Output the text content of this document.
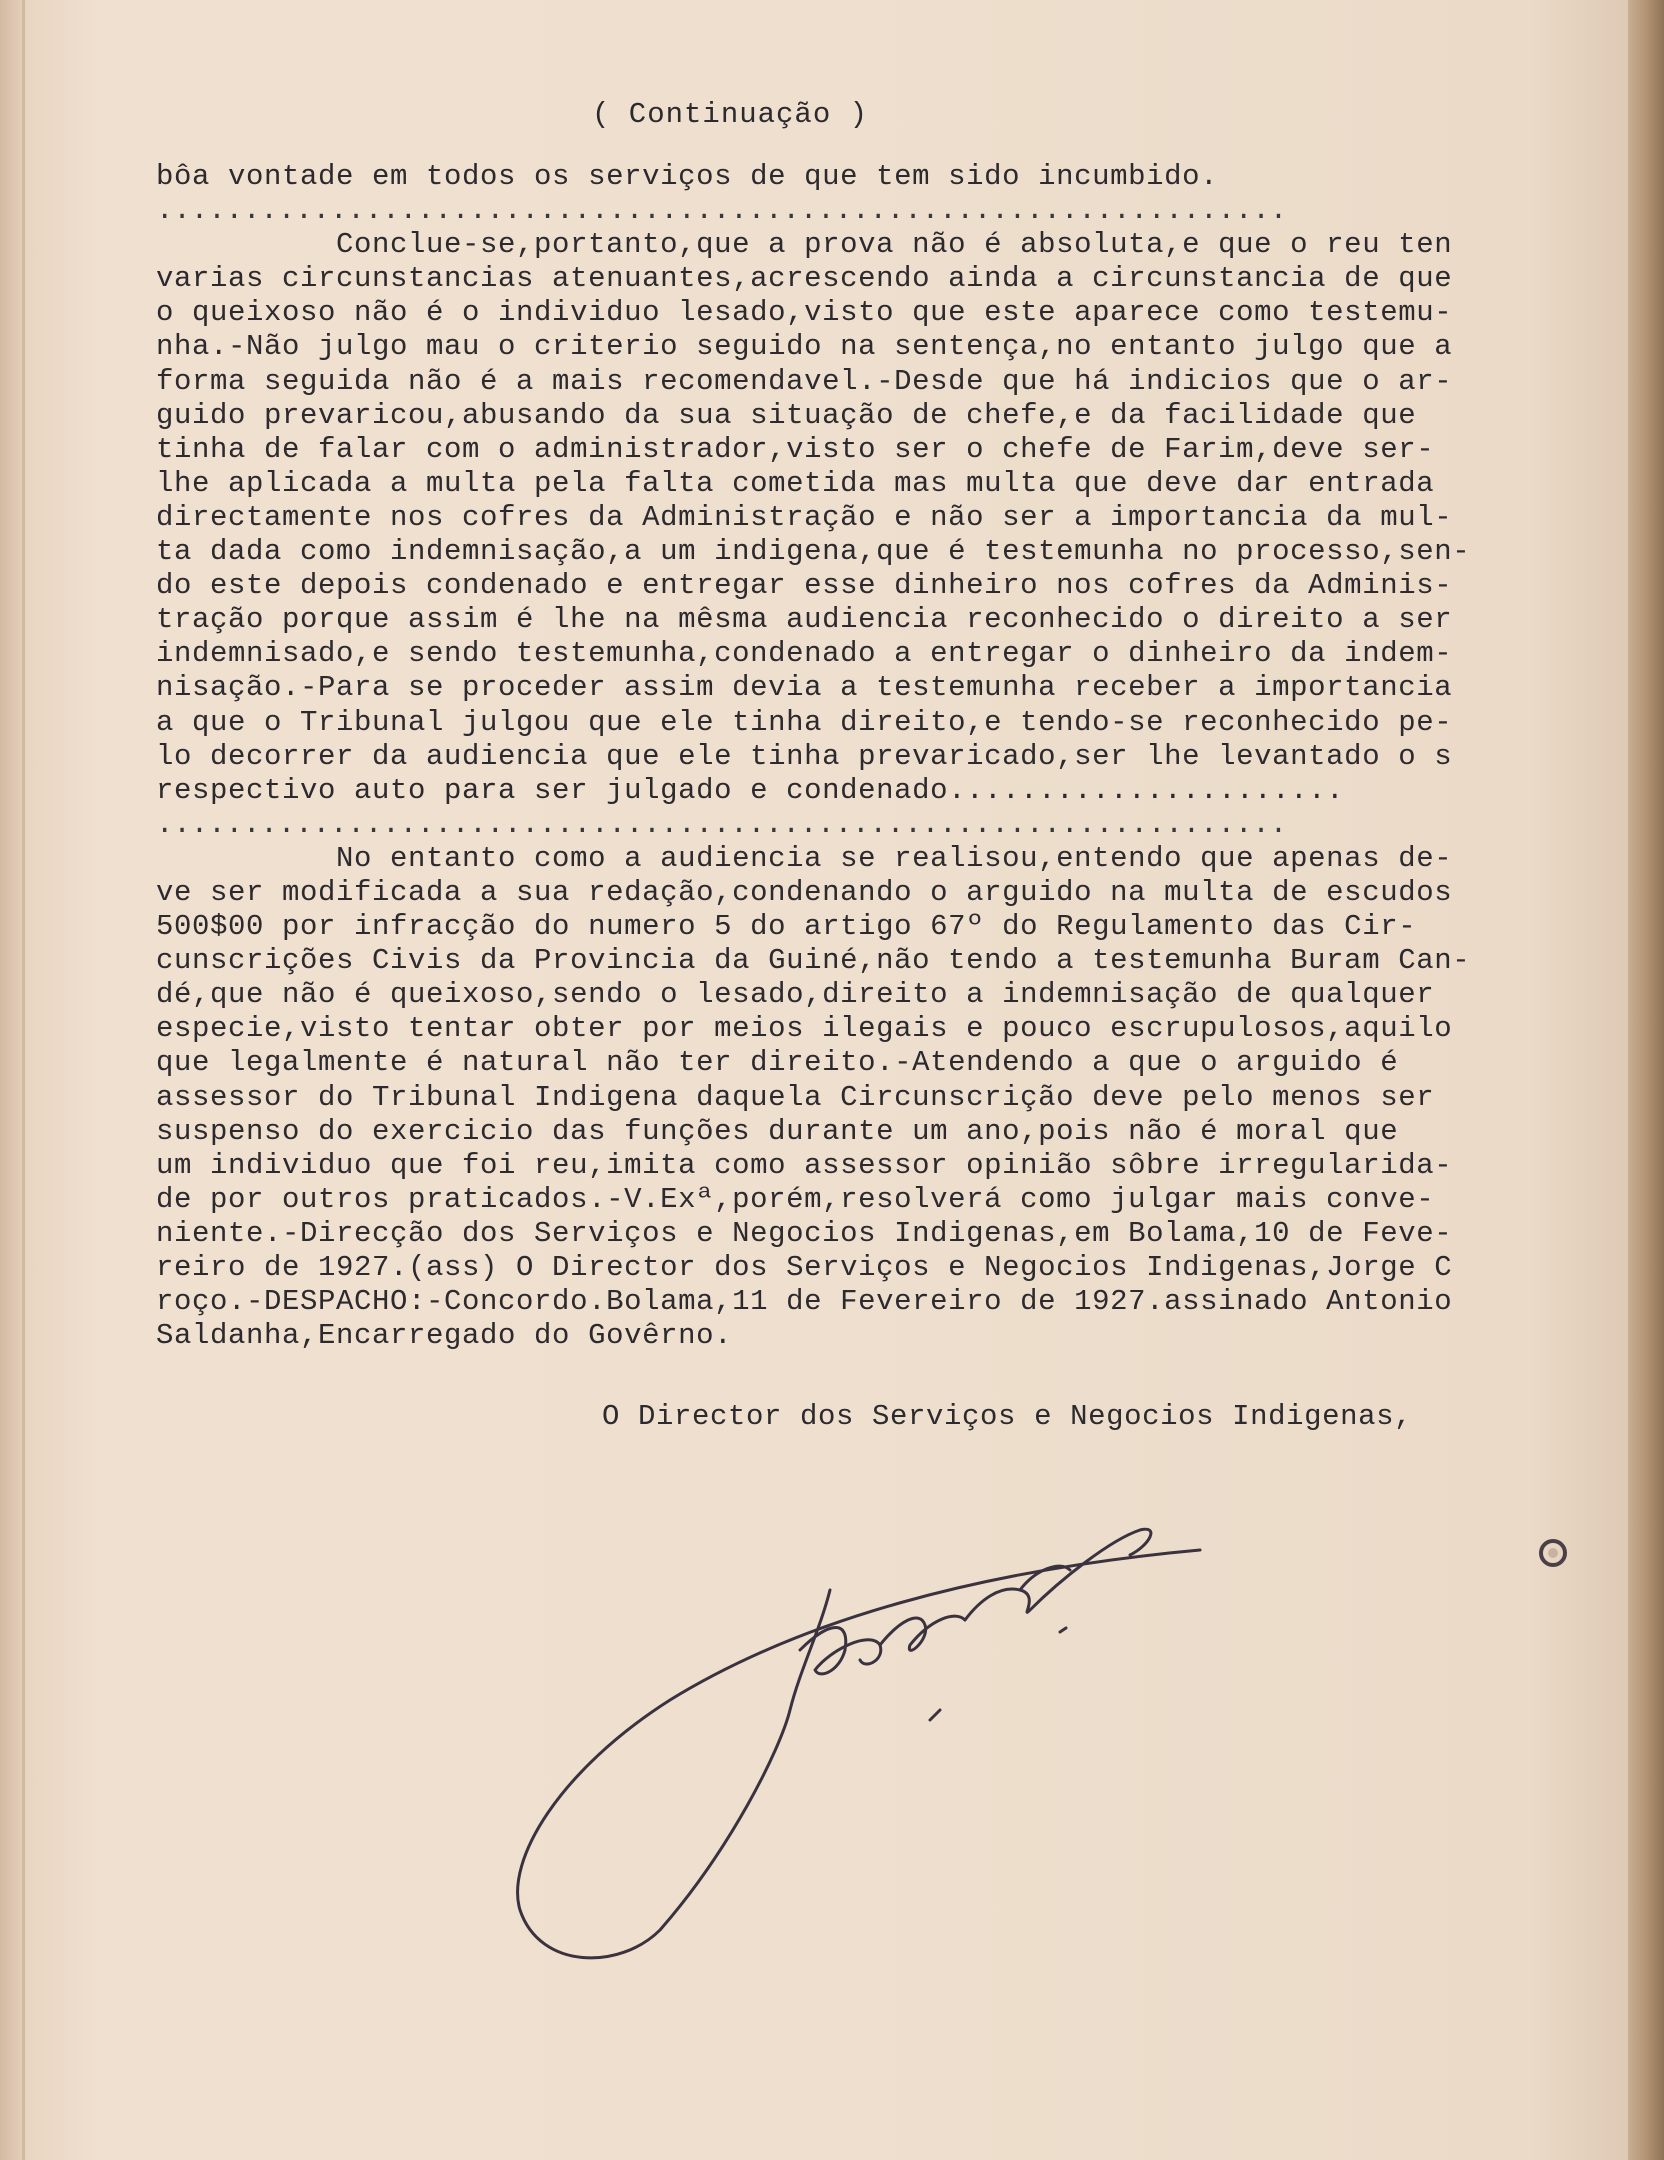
( Continuação )
bôa vontade em todos os serviços de que tem sido incumbido.
.................................................................
Conclue-se,portanto,que a prova não é absoluta,e que o reu ten
varias circunstancias atenuantes,acrescendo ainda a circunstancia de que
o queixoso não é o individuo lesado,visto que este aparece como testemu-
nha.-Não julgo mau o criterio seguido na sentença,no entanto julgo que a
forma seguida não é a mais recomendavel.-Desde que há indicios que o ar-
guido prevaricou,abusando da sua situação de chefe,e da facilidade que
tinha de falar com o administrador,visto ser o chefe de Farim,deve ser-
lhe aplicada a multa pela falta cometida mas multa que deve dar entrada
directamente nos cofres da Administração e não ser a importancia da mul-
ta dada como indemnisação,a um indigena,que é testemunha no processo,sen-
do este depois condenado e entregar esse dinheiro nos cofres da Adminis-
tração porque assim é lhe na mêsma audiencia reconhecido o direito a ser
indemnisado,e sendo testemunha,condenado a entregar o dinheiro da indem-
nisação.-Para se proceder assim devia a testemunha receber a importancia
a que o Tribunal julgou que ele tinha direito,e tendo-se reconhecido pe-
lo decorrer da audiencia que ele tinha prevaricado,ser lhe levantado o s
respectivo auto para ser julgado e condenado......................
.................................................................
No entanto como a audiencia se realisou,entendo que apenas de-
ve ser modificada a sua redação,condenando o arguido na multa de escudos
500$00 por infracção do numero 5 do artigo 67º do Regulamento das Cir-
cunscrições Civis da Provincia da Guiné,não tendo a testemunha Buram Can-
dé,que não é queixoso,sendo o lesado,direito a indemnisação de qualquer
especie,visto tentar obter por meios ilegais e pouco escrupulosos,aquilo
que legalmente é natural não ter direito.-Atendendo a que o arguido é
assessor do Tribunal Indigena daquela Circunscrição deve pelo menos ser
suspenso do exercicio das funções durante um ano,pois não é moral que
um individuo que foi reu,imita como assessor opinião sôbre irregularida-
de por outros praticados.-V.Exª,porém,resolverá como julgar mais conve-
niente.-Direcção dos Serviços e Negocios Indigenas,em Bolama,10 de Feve-
reiro de 1927.(ass) O Director dos Serviços e Negocios Indigenas,Jorge C
roço.-DESPACHO:-Concordo.Bolama,11 de Fevereiro de 1927.assinado Antonio
Saldanha,Encarregado do Govêrno.
O Director dos Serviços e Negocios Indigenas,
